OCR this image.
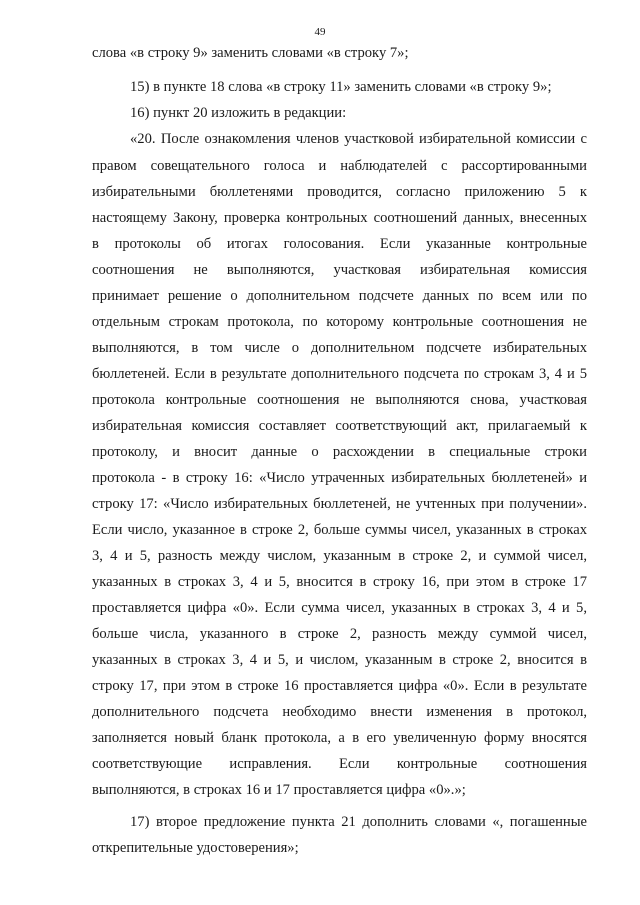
49
слова «в строку 9» заменить словами «в строку 7»;
15) в пункте 18 слова «в строку 11» заменить словами «в строку 9»;
16) пункт 20 изложить в редакции:
«20. После ознакомления членов участковой избирательной комиссии с
правом совещательного голоса и наблюдателей с рассортированными
избирательными бюллетенями проводится, согласно приложению 5 к
настоящему Закону, проверка контрольных соотношений данных, внесенных
в протоколы об итогах голосования. Если указанные контрольные
соотношения не выполняются, участковая избирательная комиссия
принимает решение о дополнительном подсчете данных по всем или по
отдельным строкам протокола, по которому контрольные соотношения не
выполняются, в том числе о дополнительном подсчете избирательных
бюллетеней. Если в результате дополнительного подсчета по строкам 3, 4 и 5
протокола контрольные соотношения не выполняются снова, участковая
избирательная комиссия составляет соответствующий акт, прилагаемый к
протоколу, и вносит данные о расхождении в специальные строки
протокола - в строку 16: «Число утраченных избирательных бюллетеней» и
строку 17: «Число избирательных бюллетеней, не учтенных при получении».
Если число, указанное в строке 2, больше суммы чисел, указанных в строках
3, 4 и 5, разность между числом, указанным в строке 2, и суммой чисел,
указанных в строках 3, 4 и 5, вносится в строку 16, при этом в строке 17
проставляется цифра «0». Если сумма чисел, указанных в строках 3, 4 и 5,
больше числа, указанного в строке 2, разность между суммой чисел,
указанных в строках 3, 4 и 5, и числом, указанным в строке 2, вносится в
строку 17, при этом в строке 16 проставляется цифра «0». Если в результате
дополнительного подсчета необходимо внести изменения в протокол,
заполняется новый бланк протокола, а в его увеличенную форму вносятся
соответствующие исправления. Если контрольные соотношения
выполняются, в строках 16 и 17 проставляется цифра «0».»;
17) второе предложение пункта 21 дополнить словами «, погашенные
открепительные удостоверения»;
